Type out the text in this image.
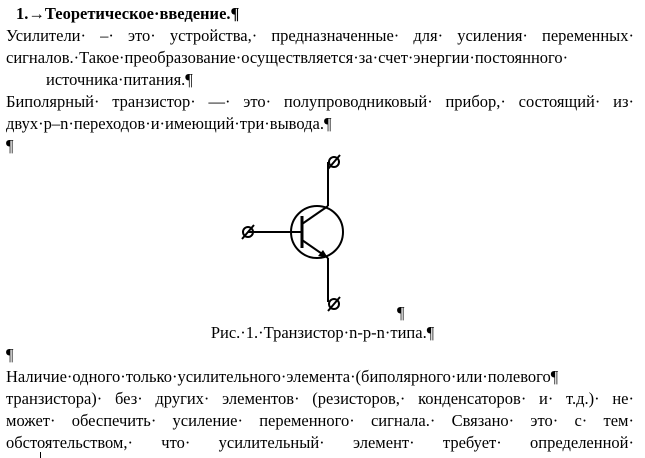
1.→Теоретическое·введение.¶
Усилители· –· это· устройства,· предназначенные· для· усиления· переменных·
сигналов.·Такое·преобразование·осуществляется·за·счет·энергии·постоянного·
источника·питания.¶
Биполярный· транзистор· —· это· полупроводниковый· прибор,· состоящий· из·
двух·p–n·переходов·и·имеющий·три·вывода.¶
¶
¶
Рис.·1.·Транзистор·n-p-n·типа.¶
¶
Наличие·одного·только·усилительного·элемента·(биполярного·или·полевого¶
транзистора)· без· других· элементов· (резисторов,· конденсаторов· и· т.д.)· не·
может· обеспечить· усиление· переменного· сигнала.· Связано· это· с· тем·
обстоятельством,· что· усилительный· элемент· требует· определенной·
